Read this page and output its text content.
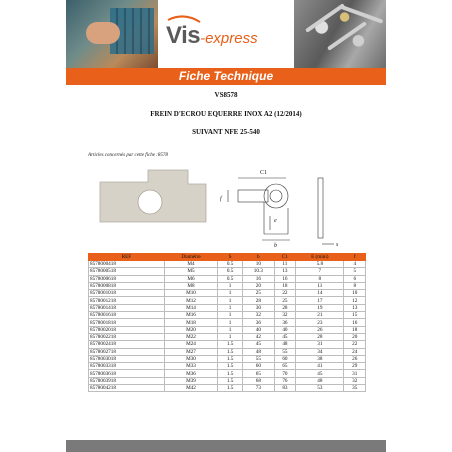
Vis-express
Fiche Technique
VS8578
FREIN D'ECROU EQUERRE INOX A2 (12/2014)
SUIVANT NFE 25-540
Articles concernés par cette fiche :8578
C1
f
e
b	s
REF	Diamètre	S	b	C1	E (mini)	f
8578000418	M4	0.5	10	11	5.8	4
8578000518	M5	0.5	10.3	13	7	5
8578000618	M6	0.5	16	16	8	6
8578000818	M8	1	20	18	11	8
8578001018	M10	1	25	22	14	10
8578001218	M12	1	28	25	17	12
8578001418	M14	1	30	28	19	13
8578001618	M16	1	32	32	21	15
8578001818	M18	1	36	36	23	16
8578002018	M20	1	40	40	26	18
8578002218	M22	1	42	45	28	20
8578002418	M24	1.5	45	48	31	22
8578002718	M27	1.5	48	55	34	24
8578003018	M30	1.5	55	60	38	26
8578003318	M33	1.5	60	65	41	29
8578003618	M36	1.5	65	70	45	31
8578003918	M39	1.5	68	76	48	32
8578004218	M42	1.5	73	83	53	35
